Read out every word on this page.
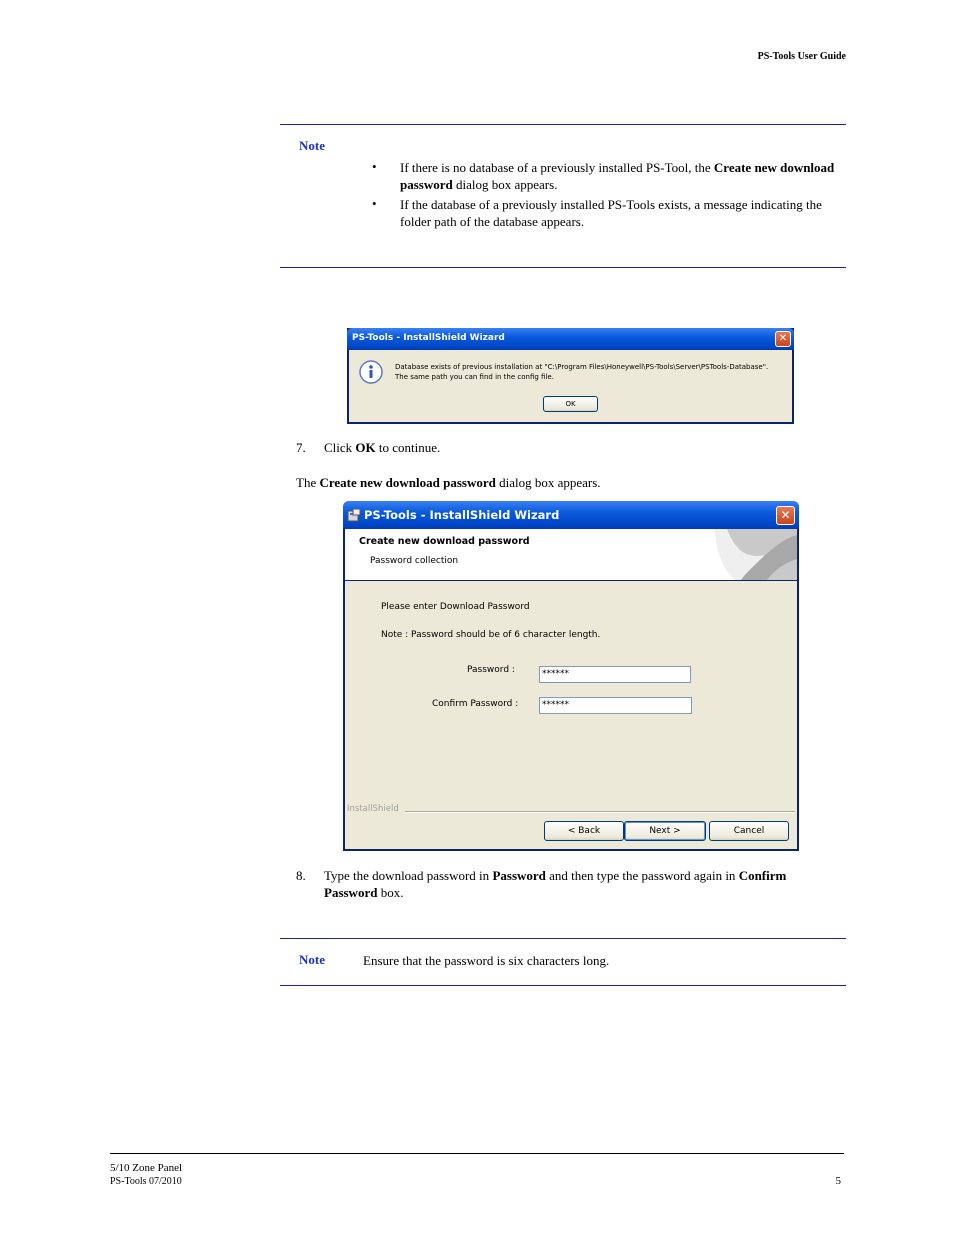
PS-Tools User Guide
Note
• If there is no database of a previously installed PS-Tool, the Create new download password dialog box appears.
• If the database of a previously installed PS-Tools exists, a message indicating the folder path of the database appears.
PS-Tools - InstallShield Wizard	✕
Database exists of previous installation at "C:\Program Files\Honeywell\PS-Tools\Server\PSTools-Database".
The same path you can find in the config file.
OK
7. Click OK to continue.
The Create new download password dialog box appears.
PS-Tools - InstallShield Wizard	✕
Create new download password
Password collection
Please enter Download Password
Note : Password should be of 6 character length.
Password :	******
Confirm Password :	******
InstallShield
< Back	Next >	Cancel
8. Type the download password in Password and then type the password again in Confirm Password box.
Note	Ensure that the password is six characters long.
5/10 Zone Panel
PS-Tools 07/2010	5
